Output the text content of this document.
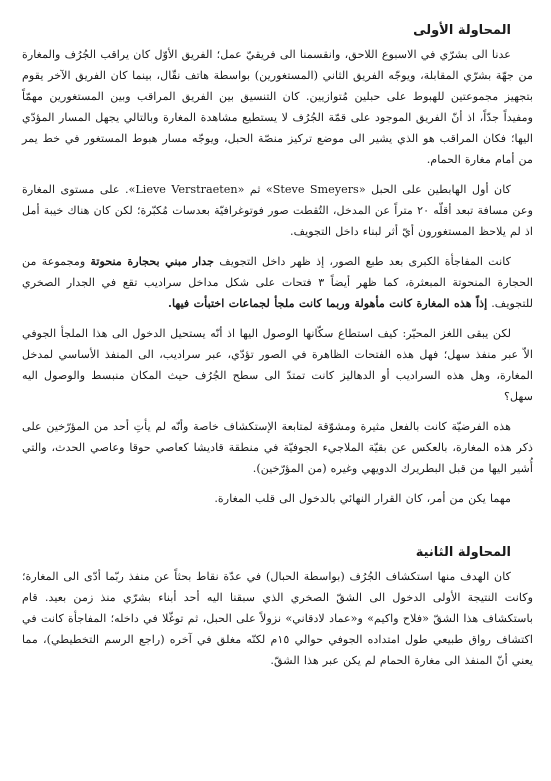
المحاولة الأولى

عدنا الى بشرّي في الاسبوع اللاحق، وانقسمنا الى فريقيّ عمل؛ الفريق الأوّل كان يراقب الجُرُف والمغارة من جهّة بشرّي المقابلة، ويوجّه الفريق الثاني (المستغورين) بواسطة هاتف نقّال، بينما كان الفريق الآخر يقوم بتجهيز مجموعتين للهبوط على حبلين مُتوازيين. كان التنسيق بين الفريق المراقب وبين المستغورين مهمّاً ومفيداً جدّاً، اذ أنّ الفريق الموجود على قمّة الجُرُف لا يستطيع مشاهدة المغارة وبالتالي يجهل المسار المؤدّي اليها؛ فكان المراقب هو الذي يشير الى موضع تركيز منصّة الحبل، ويوجّه مسار هبوط المستغور في خط يمر من أمام مغارة الحمام.

كان أول الهابطين على الحبل «Steve Smeyers» ثم «Lieve Verstraeten». على مستوى المغارة وعن مسافة تبعد أقلّه ٢٠ متراً عن المدخل، التُقطت صور فوتوغرافيّة بعدسات مُكبّرة؛ لكن كان هناك خيبة أمل اذ لم يلاحظ المستغورون أيّ أثر لبناء داخل التجويف.

كانت المفاجأة الكبرى بعد طبع الصور، إذ ظهر داخل التجويف جدار مبني بحجارة منحوتة ومجموعة من الحجارة المنحوتة المبعثرة، كما ظهر أيضاً ٣ فتحات على شكل مداخل سراديب تقع في الجدار الصخري للتجويف. إذاً هذه المغارة كانت مأهولة وربما كانت ملجأ لجماعات اختبأت فيها.

لكن يبقى اللغز المحيّر: كيف استطاع سكّانها الوصول اليها اذ أنّه يستحيل الدخول الى هذا الملجأ الجوفي الاّ عبر منفذ سهل؛ فهل هذه الفتحات الظاهرة في الصور تؤدّي، عبر سراديب، الى المنفذ الأساسي لمدخل المغارة، وهل هذه السراديب أو الدهاليز كانت تمتدّ الى سطح الجُرُف حيث المكان منبسط والوصول اليه سهل؟

هذه الفرضيّة كانت بالفعل مثيرة ومشوّقة لمتابعة الإستكشاف خاصة وأنّه لم يأتِ أحد من المؤرّخين على ذكر هذه المغارة، بالعكس عن بقيّة الملاجيء الجوفيّة في منطقة قاديشا كعاصي حوقا وعاصي الحدث، والتي أُشير اليها من قبل البطريرك الدويهي وغيره (من المؤرّخين).

مهما يكن من أمر، كان القرار النهائي بالدخول الى قلب المغارة.

المحاولة الثانية

كان الهدف منها استكشاف الجُرُف (بواسطة الحبال) في عدّة نقاط بحثاً عن منفذ ربّما أدّى الى المغارة؛ وكانت النتيجة الأولى الدخول الى الشقّ الصخري الذي سبقنا اليه أحد أبناء بشرّي منذ زمن بعيد. قام باستكشاف هذا الشقّ «فلاح واكيم» و«عماد لادقاني» نزولاً على الحبل، ثم توغّلا في داخله؛ المفاجأة كانت في اكتشاف رواق طبيعي طول امتداده الجوفي حوالي ١٥م لكنّه مغلق في آخره (راجع الرسم التخطيطي)، مما يعني أنّ المنفذ الى مغارة الحمام لم يكن عبر هذا الشقّ.
